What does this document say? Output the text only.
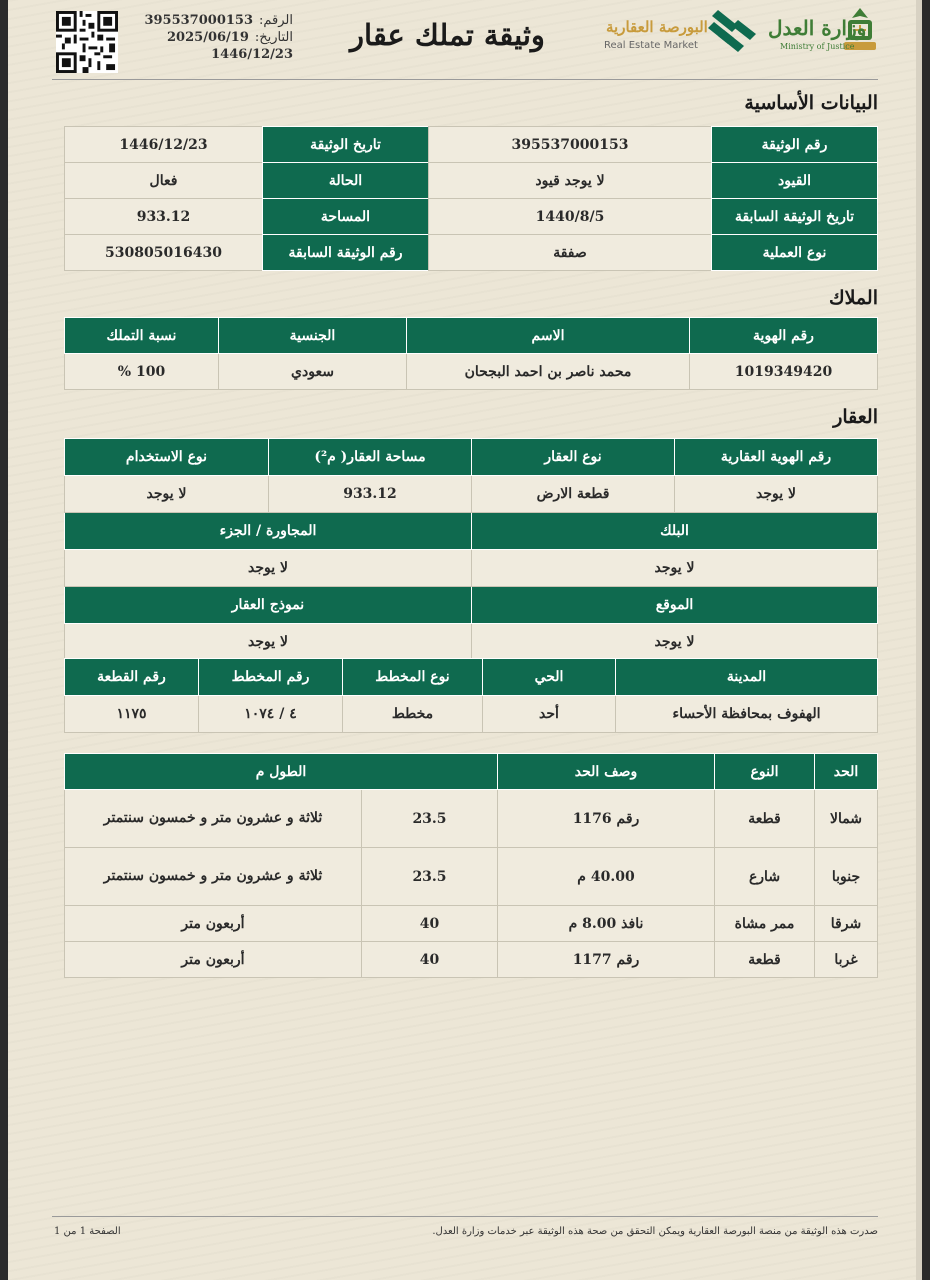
الرقم:
395537000153
التاريخ:
2025/06/19
1446/12/23
وثيقة تملك عقار	البورصة العقارية
Real Estate Market
وزارة العدل
Ministry of Justice
البيانات الأساسية
رقم الوثيقة	395537000153	تاريخ الوثيقة	1446/12/23
القيود	لا يوجد قيود	الحالة	فعال
تاريخ الوثيقة السابقة	1440/8/5	المساحة	933.12
نوع العملية	صفقة	رقم الوثيقة السابقة	530805016430
الملاك
رقم الهوية	الاسم	الجنسية	نسبة التملك
1019349420	محمد ناصر بن احمد البجحان	سعودي	100 %
العقار
رقم الهوية العقارية	نوع العقار	مساحة العقار( م²)	نوع الاستخدام
لا يوجد	قطعة الارض	933.12	لا يوجد
البلك		المجاورة / الجزء	
لا يوجد		لا يوجد	
الموقع		نموذج العقار	
لا يوجد		لا يوجد	
المدينة	الحي	نوع المخطط	رقم المخطط	رقم القطعة
الهفوف بمحافظة الأحساء	أحد	مخطط	٤ / ١٠٧٤	١١٧٥
الحد	النوع	وصف الحد	الطول م	
شمالا	قطعة	رقم 1176	23.5	ثلاثة و عشرون متر و خمسون سنتمتر
جنوبا	شارع	40.00 م	23.5	ثلاثة و عشرون متر و خمسون سنتمتر
شرقا	ممر مشاة	نافذ 8.00 م	40	أربعون متر
غربا	قطعة	رقم 1177	40	أربعون متر
صدرت هذه الوثيقة من منصة البورصة العقارية ويمكن التحقق من صحة هذه الوثيقة عبر خدمات وزارة العدل.
الصفحة 1 من 1
